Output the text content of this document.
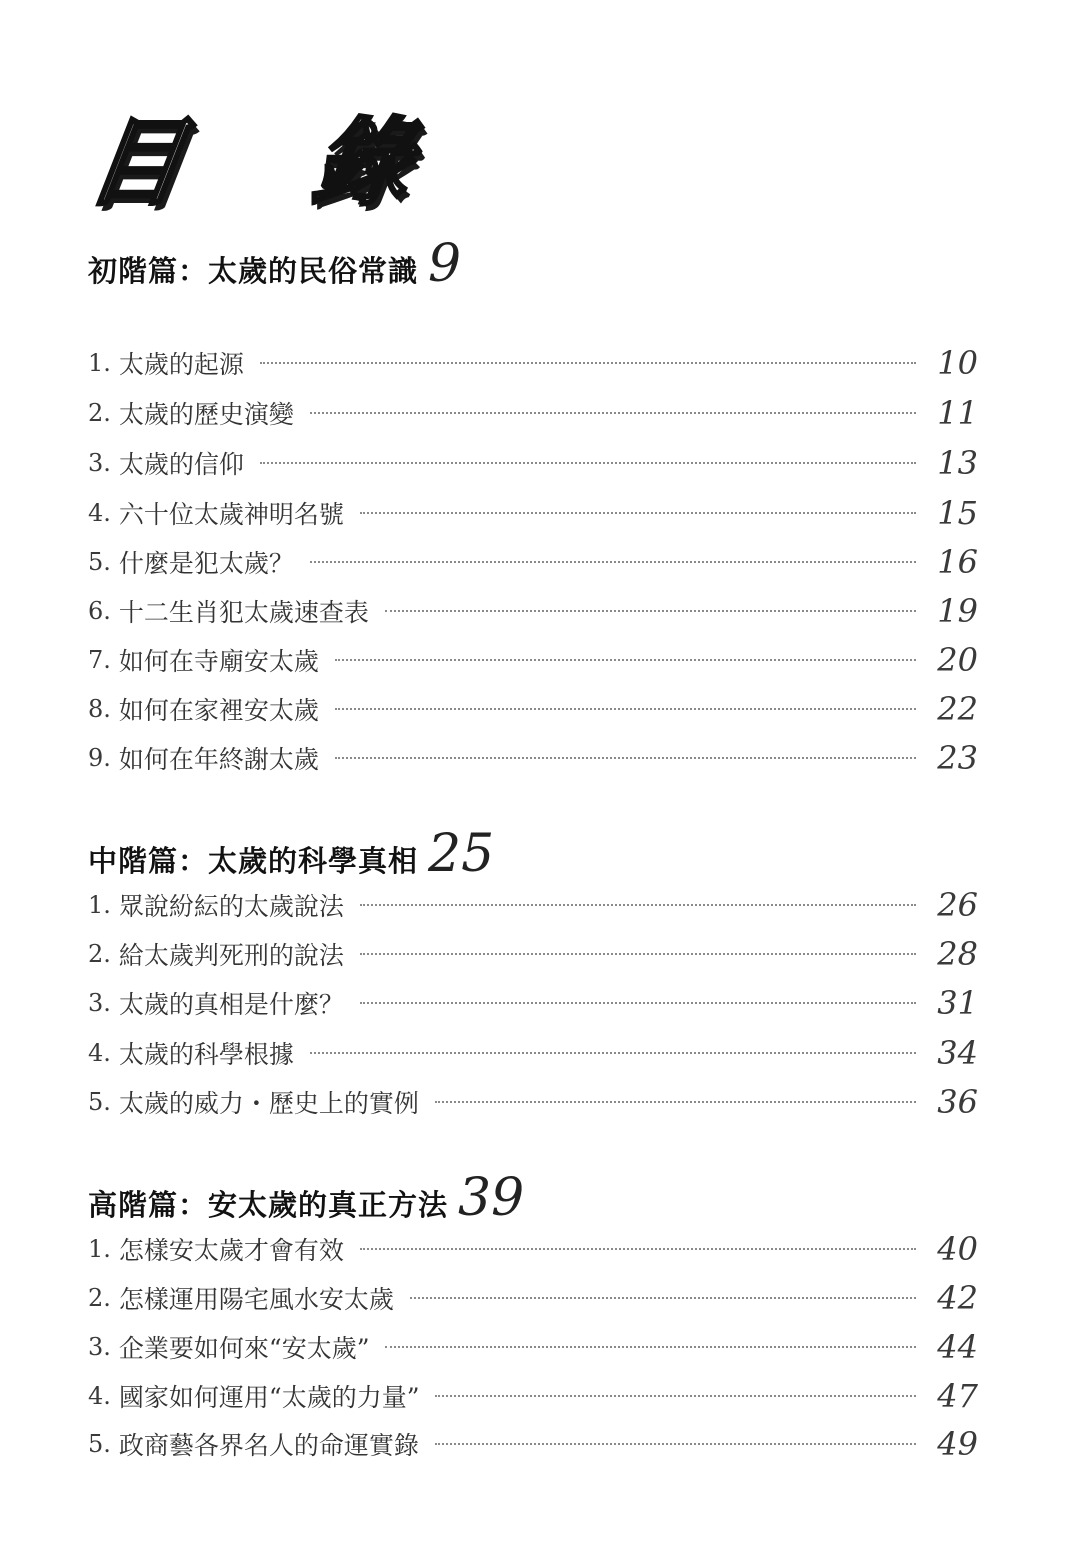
目 錄
初階篇：太歲的民俗常識 9
1. 太歲的起源	10
2. 太歲的歷史演變	11
3. 太歲的信仰	13
4. 六十位太歲神明名號	15
5. 什麼是犯太歲？	16
6. 十二生肖犯太歲速查表	19
7. 如何在寺廟安太歲	20
8. 如何在家裡安太歲	22
9. 如何在年終謝太歲	23
中階篇：太歲的科學真相 25
1. 眾說紛紜的太歲說法	26
2. 給太歲判死刑的說法	28
3. 太歲的真相是什麼？	31
4. 太歲的科學根據	34
5. 太歲的威力・歷史上的實例	36
高階篇：安太歲的真正方法 39
1. 怎樣安太歲才會有效	40
2. 怎樣運用陽宅風水安太歲	42
3. 企業要如何來“安太歲”	44
4. 國家如何運用“太歲的力量”	47
5. 政商藝各界名人的命運實錄	49
